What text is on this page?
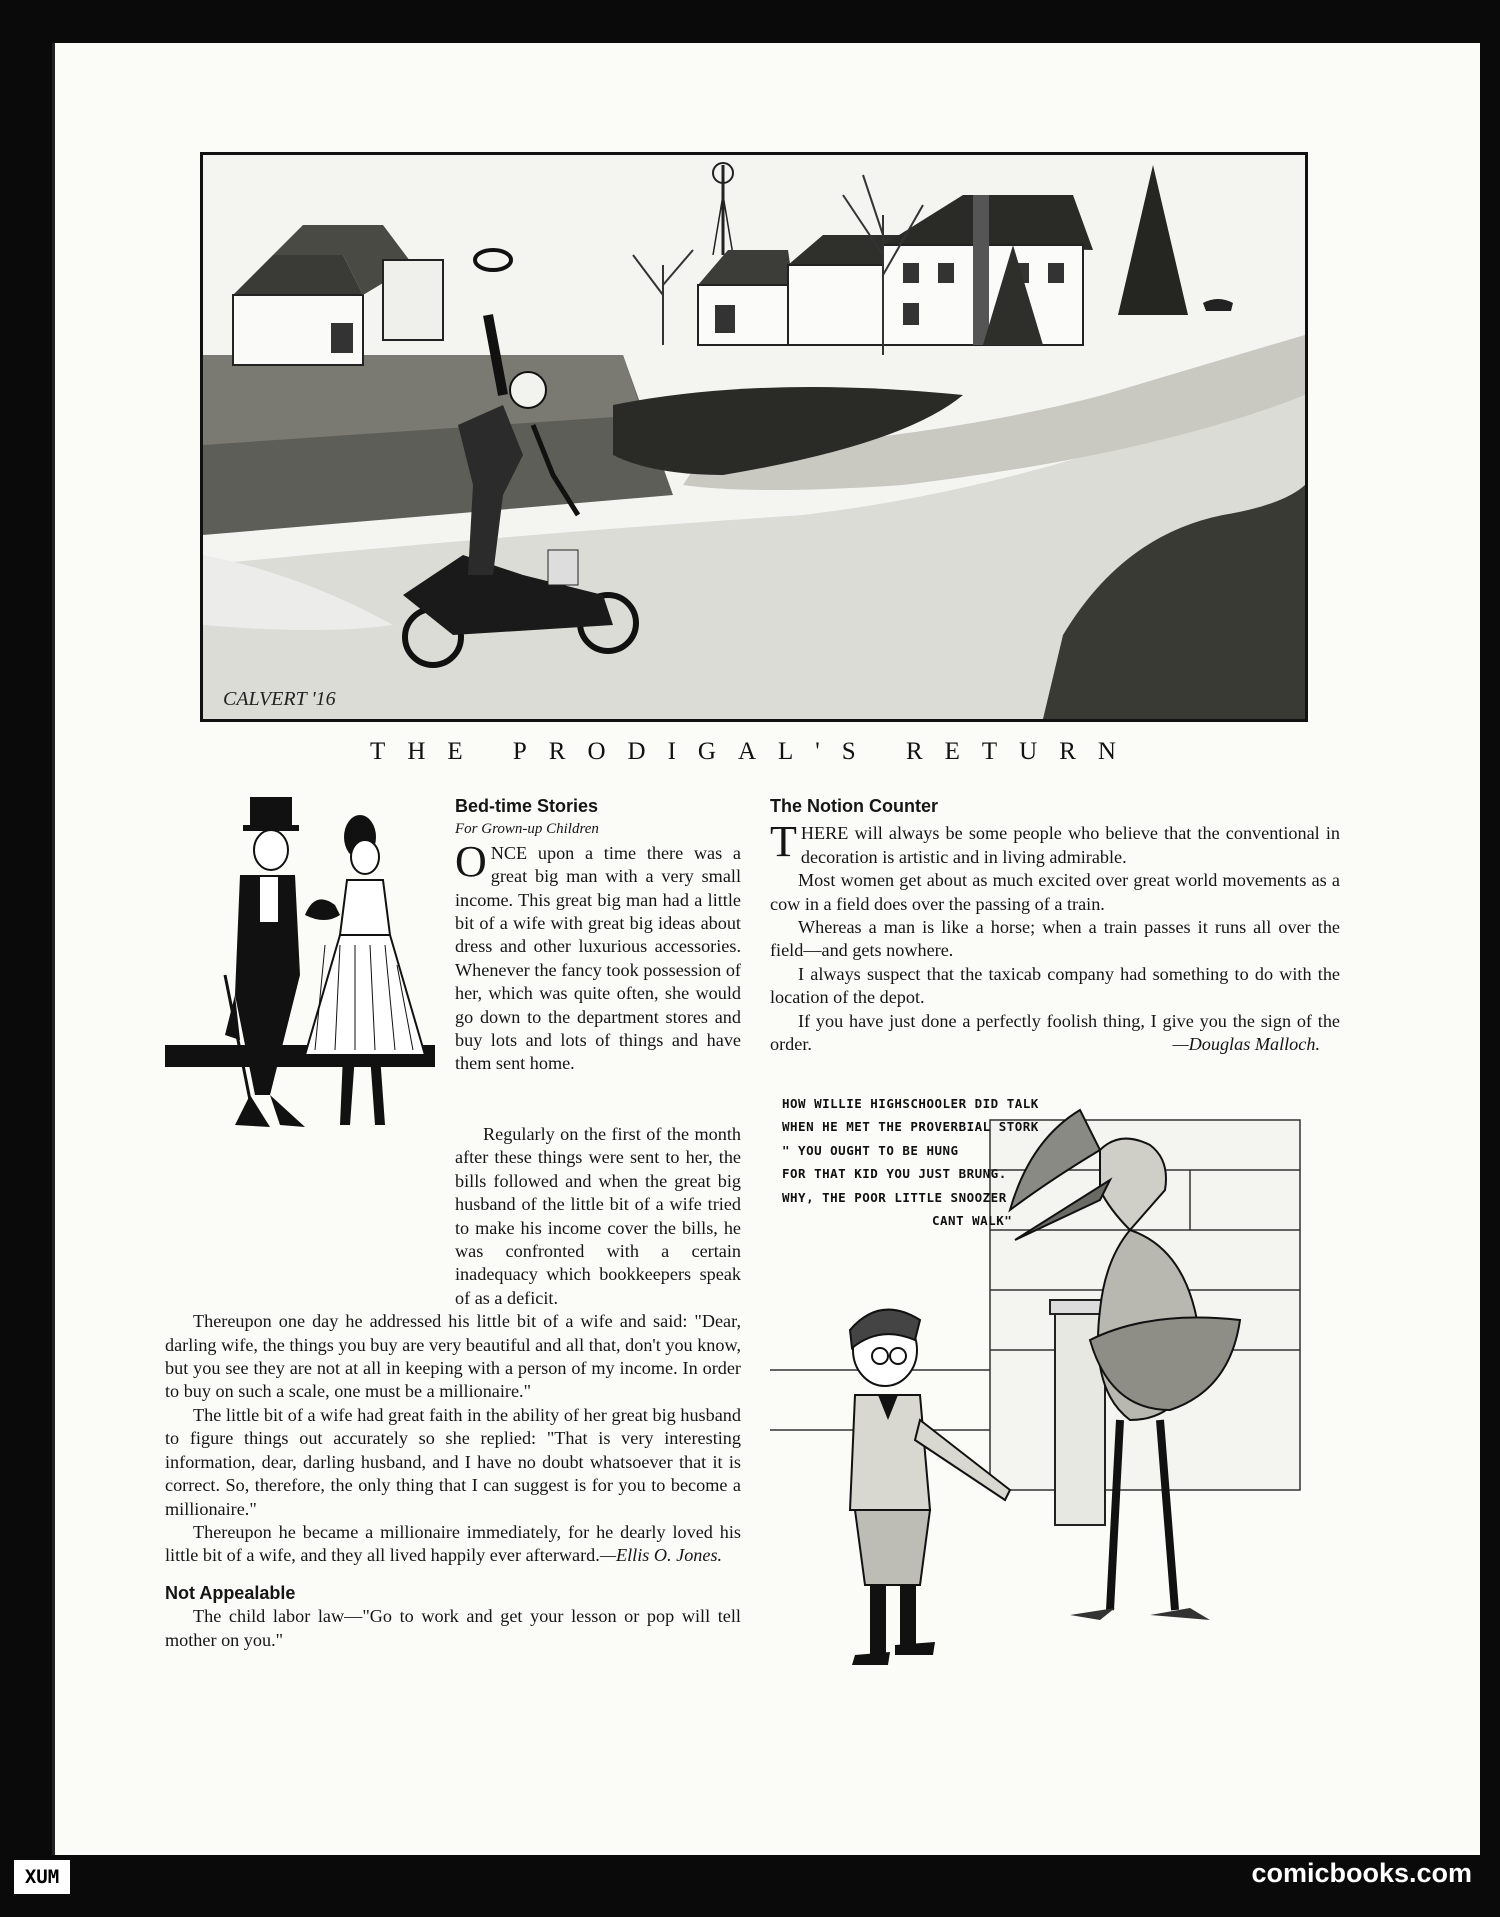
CALVERT '16
THE PRODIGAL'S RETURN

Bed-time Stories

For Grown-up Children

ONCE upon a time there was a great big man with a very small income. This great big man had a little bit of a wife with great big ideas about dress and other luxurious accessories. Whenever the fancy took possession of her, which was quite often, she would go down to the department stores and buy lots and lots of things and have them sent home.

Regularly on the first of the month after these things were sent to her, the bills followed and when the great big husband of the little bit of a wife tried to make his income cover the bills, he was confronted with a certain inadequacy which bookkeepers speak of as a deficit.

Thereupon one day he addressed his little bit of a wife and said: "Dear, darling wife, the things you buy are very beautiful and all that, don't you know, but you see they are not at all in keeping with a person of my income. In order to buy on such a scale, one must be a millionaire."

The little bit of a wife had great faith in the ability of her great big husband to figure things out accurately so she replied: "That is very interesting information, dear, darling husband, and I have no doubt whatsoever that it is correct. So, therefore, the only thing that I can suggest is for you to become a millionaire."

Thereupon he became a millionaire immediately, for he dearly loved his little bit of a wife, and they all lived happily ever afterward.—Ellis O. Jones.

Not Appealable

The child labor law—"Go to work and get your lesson or pop will tell mother on you."

The Notion Counter

THERE will always be some people who believe that the conventional in decoration is artistic and in living admirable.

Most women get about as much excited over great world movements as a cow in a field does over the passing of a train.

Whereas a man is like a horse; when a train passes it runs all over the field—and gets nowhere.

I always suspect that the taxicab company had something to do with the location of the depot.

If you have just done a perfectly foolish thing, I give you the sign of the order.	—Douglas Malloch.

HOW WILLIE HIGHSCHOOLER DID TALK
WHEN HE MET THE PROVERBIAL STORK
" YOU OUGHT TO BE HUNG
FOR THAT KID YOU JUST BRUNG.
WHY, THE POOR LITTLE SNOOZER
CANT WALK"
XUM	comicbooks.com
